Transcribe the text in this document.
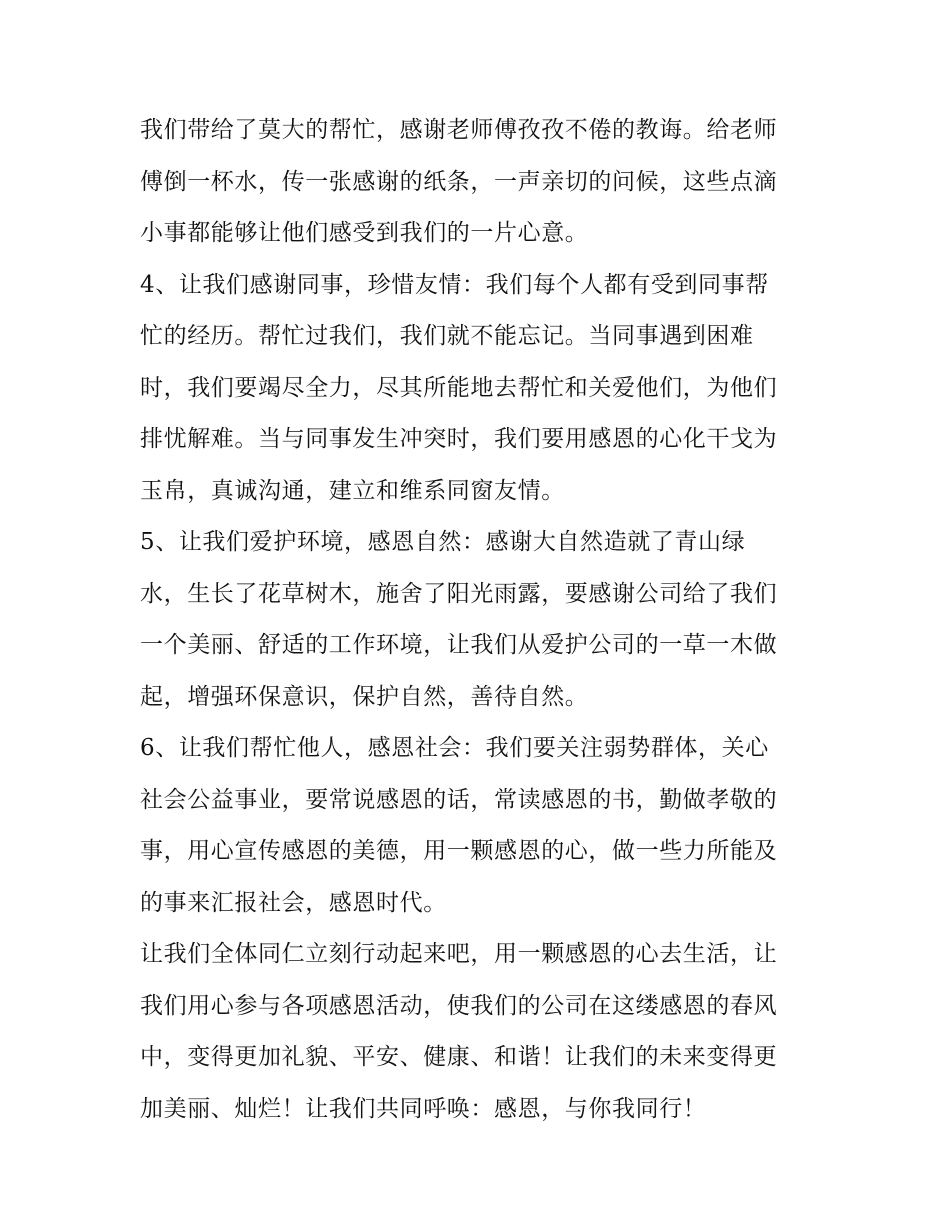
我们带给了莫大的帮忙，感谢老师傅孜孜不倦的教诲。给老师
傅倒一杯水，传一张感谢的纸条，一声亲切的问候，这些点滴
小事都能够让他们感受到我们的一片心意。
4、让我们感谢同事，珍惜友情：我们每个人都有受到同事帮
忙的经历。帮忙过我们，我们就不能忘记。当同事遇到困难
时，我们要竭尽全力，尽其所能地去帮忙和关爱他们，为他们
排忧解难。当与同事发生冲突时，我们要用感恩的心化干戈为
玉帛，真诚沟通，建立和维系同窗友情。
5、让我们爱护环境，感恩自然：感谢大自然造就了青山绿
水，生长了花草树木，施舍了阳光雨露，要感谢公司给了我们
一个美丽、舒适的工作环境，让我们从爱护公司的一草一木做
起，增强环保意识，保护自然，善待自然。
6、让我们帮忙他人，感恩社会：我们要关注弱势群体，关心
社会公益事业，要常说感恩的话，常读感恩的书，勤做孝敬的
事，用心宣传感恩的美德，用一颗感恩的心，做一些力所能及
的事来汇报社会，感恩时代。
让我们全体同仁立刻行动起来吧，用一颗感恩的心去生活，让
我们用心参与各项感恩活动，使我们的公司在这缕感恩的春风
中，变得更加礼貌、平安、健康、和谐！让我们的未来变得更
加美丽、灿烂！让我们共同呼唤：感恩，与你我同行！
